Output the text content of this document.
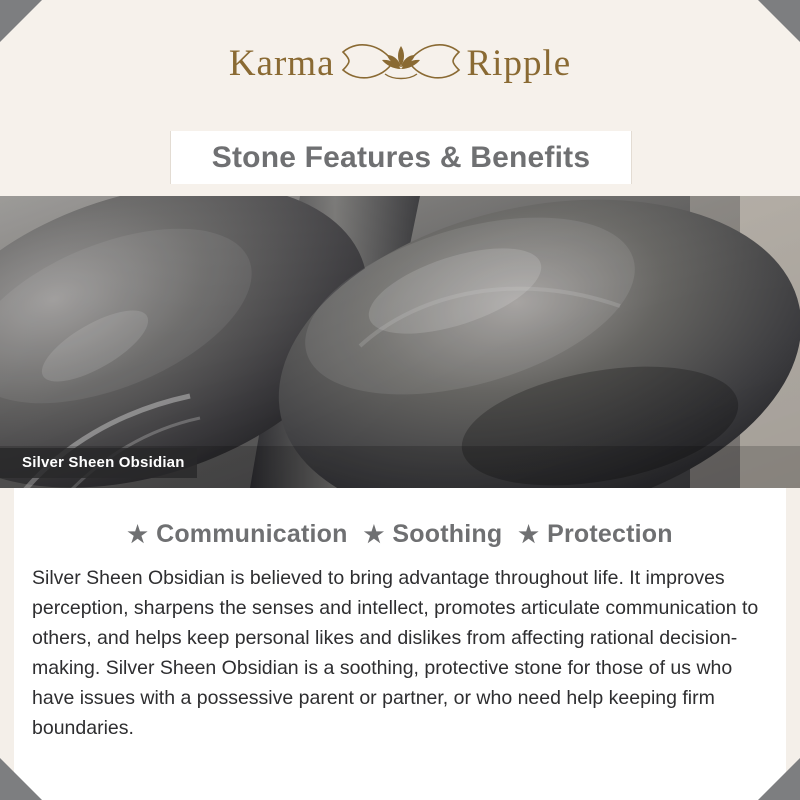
Karma	Ripple
Stone Features & Benefits
Silver Sheen Obsidian
★ Communication ★ Soothing ★ Protection

Silver Sheen Obsidian is believed to bring advantage throughout life. It improves perception, sharpens the senses and intellect, promotes articulate communication to others, and helps keep personal likes and dislikes from affecting rational decision-making. Silver Sheen Obsidian is a soothing, protective stone for those of us who have issues with a possessive parent or partner, or who need help keeping firm boundaries.
